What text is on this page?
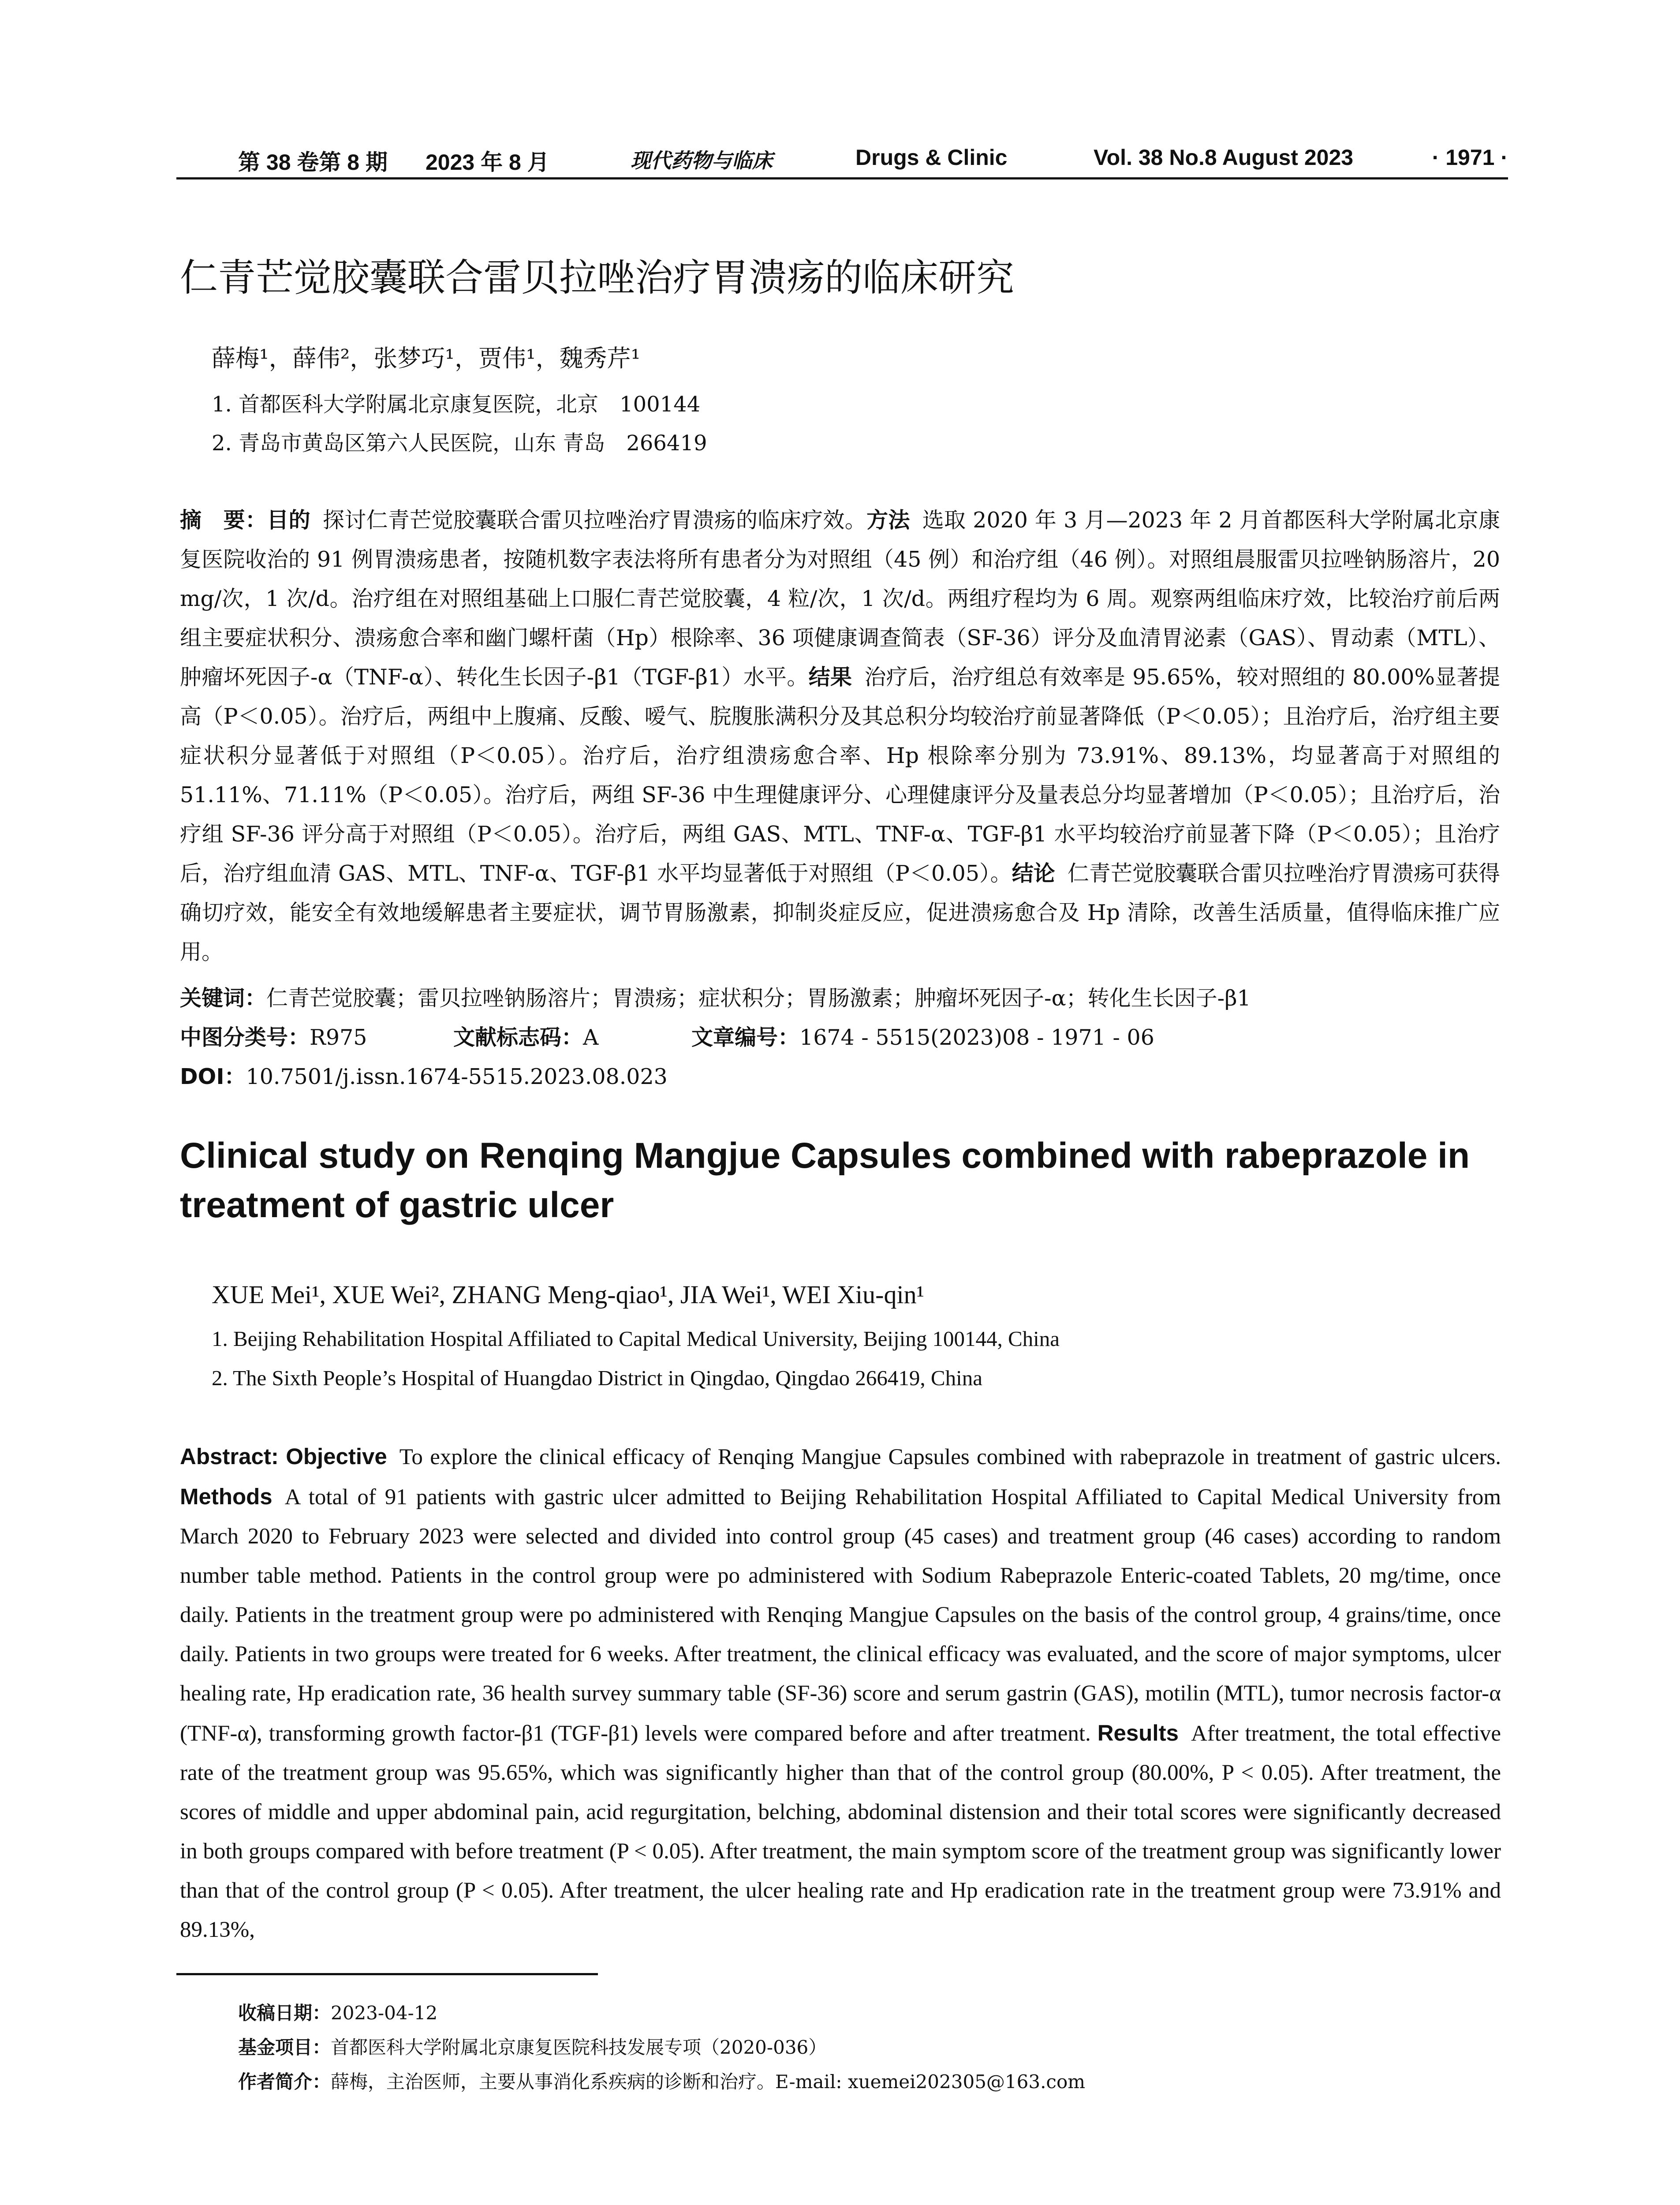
第 38 卷第 8 期 2023 年 8 月	现代药物与临床	Drugs & Clinic	Vol. 38 No.8 August 2023	· 1971 ·
仁青芒觉胶囊联合雷贝拉唑治疗胃溃疡的临床研究
薛梅¹，薛伟²，张梦巧¹，贾伟¹，魏秀芹¹
1. 首都医科大学附属北京康复医院，北京　100144
2. 青岛市黄岛区第六人民医院，山东 青岛　266419
摘　要：目的 探讨仁青芒觉胶囊联合雷贝拉唑治疗胃溃疡的临床疗效。方法 选取 2020 年 3 月—2023 年 2 月首都医科大学附属北京康复医院收治的 91 例胃溃疡患者，按随机数字表法将所有患者分为对照组（45 例）和治疗组（46 例）。对照组晨服雷贝拉唑钠肠溶片，20 mg/次，1 次/d。治疗组在对照组基础上口服仁青芒觉胶囊，4 粒/次，1 次/d。两组疗程均为 6 周。观察两组临床疗效，比较治疗前后两组主要症状积分、溃疡愈合率和幽门螺杆菌（Hp）根除率、36 项健康调查简表（SF-36）评分及血清胃泌素（GAS）、胃动素（MTL）、肿瘤坏死因子-α（TNF-α）、转化生长因子-β1（TGF-β1）水平。结果 治疗后，治疗组总有效率是 95.65%，较对照组的 80.00%显著提高（P＜0.05）。治疗后，两组中上腹痛、反酸、嗳气、脘腹胀满积分及其总积分均较治疗前显著降低（P＜0.05）；且治疗后，治疗组主要症状积分显著低于对照组（P＜0.05）。治疗后，治疗组溃疡愈合率、Hp 根除率分别为 73.91%、89.13%，均显著高于对照组的 51.11%、71.11%（P＜0.05）。治疗后，两组 SF-36 中生理健康评分、心理健康评分及量表总分均显著增加（P＜0.05）；且治疗后，治疗组 SF-36 评分高于对照组（P＜0.05）。治疗后，两组 GAS、MTL、TNF-α、TGF-β1 水平均较治疗前显著下降（P＜0.05）；且治疗后，治疗组血清 GAS、MTL、TNF-α、TGF-β1 水平均显著低于对照组（P＜0.05）。结论 仁青芒觉胶囊联合雷贝拉唑治疗胃溃疡可获得确切疗效，能安全有效地缓解患者主要症状，调节胃肠激素，抑制炎症反应，促进溃疡愈合及 Hp 清除，改善生活质量，值得临床推广应用。
关键词：仁青芒觉胶囊；雷贝拉唑钠肠溶片；胃溃疡；症状积分；胃肠激素；肿瘤坏死因子-α；转化生长因子-β1
中图分类号：R975	文献标志码：A	文章编号：1674 - 5515(2023)08 - 1971 - 06
DOI：10.7501/j.issn.1674-5515.2023.08.023
Clinical study on Renqing Mangjue Capsules combined with rabeprazole in treatment of gastric ulcer
XUE Mei¹, XUE Wei², ZHANG Meng-qiao¹, JIA Wei¹, WEI Xiu-qin¹
1. Beijing Rehabilitation Hospital Affiliated to Capital Medical University, Beijing 100144, China
2. The Sixth People’s Hospital of Huangdao District in Qingdao, Qingdao 266419, China
Abstract: Objective To explore the clinical efficacy of Renqing Mangjue Capsules combined with rabeprazole in treatment of gastric ulcers. Methods A total of 91 patients with gastric ulcer admitted to Beijing Rehabilitation Hospital Affiliated to Capital Medical University from March 2020 to February 2023 were selected and divided into control group (45 cases) and treatment group (46 cases) according to random number table method. Patients in the control group were po administered with Sodium Rabeprazole Enteric-coated Tablets, 20 mg/time, once daily. Patients in the treatment group were po administered with Renqing Mangjue Capsules on the basis of the control group, 4 grains/time, once daily. Patients in two groups were treated for 6 weeks. After treatment, the clinical efficacy was evaluated, and the score of major symptoms, ulcer healing rate, Hp eradication rate, 36 health survey summary table (SF-36) score and serum gastrin (GAS), motilin (MTL), tumor necrosis factor-α (TNF-α), transforming growth factor-β1 (TGF-β1) levels were compared before and after treatment. Results After treatment, the total effective rate of the treatment group was 95.65%, which was significantly higher than that of the control group (80.00%, P < 0.05). After treatment, the scores of middle and upper abdominal pain, acid regurgitation, belching, abdominal distension and their total scores were significantly decreased in both groups compared with before treatment (P < 0.05). After treatment, the main symptom score of the treatment group was significantly lower than that of the control group (P < 0.05). After treatment, the ulcer healing rate and Hp eradication rate in the treatment group were 73.91% and 89.13%,
收稿日期：2023-04-12
基金项目：首都医科大学附属北京康复医院科技发展专项（2020-036）
作者简介：薛梅，主治医师，主要从事消化系疾病的诊断和治疗。E-mail: xuemei202305@163.com
